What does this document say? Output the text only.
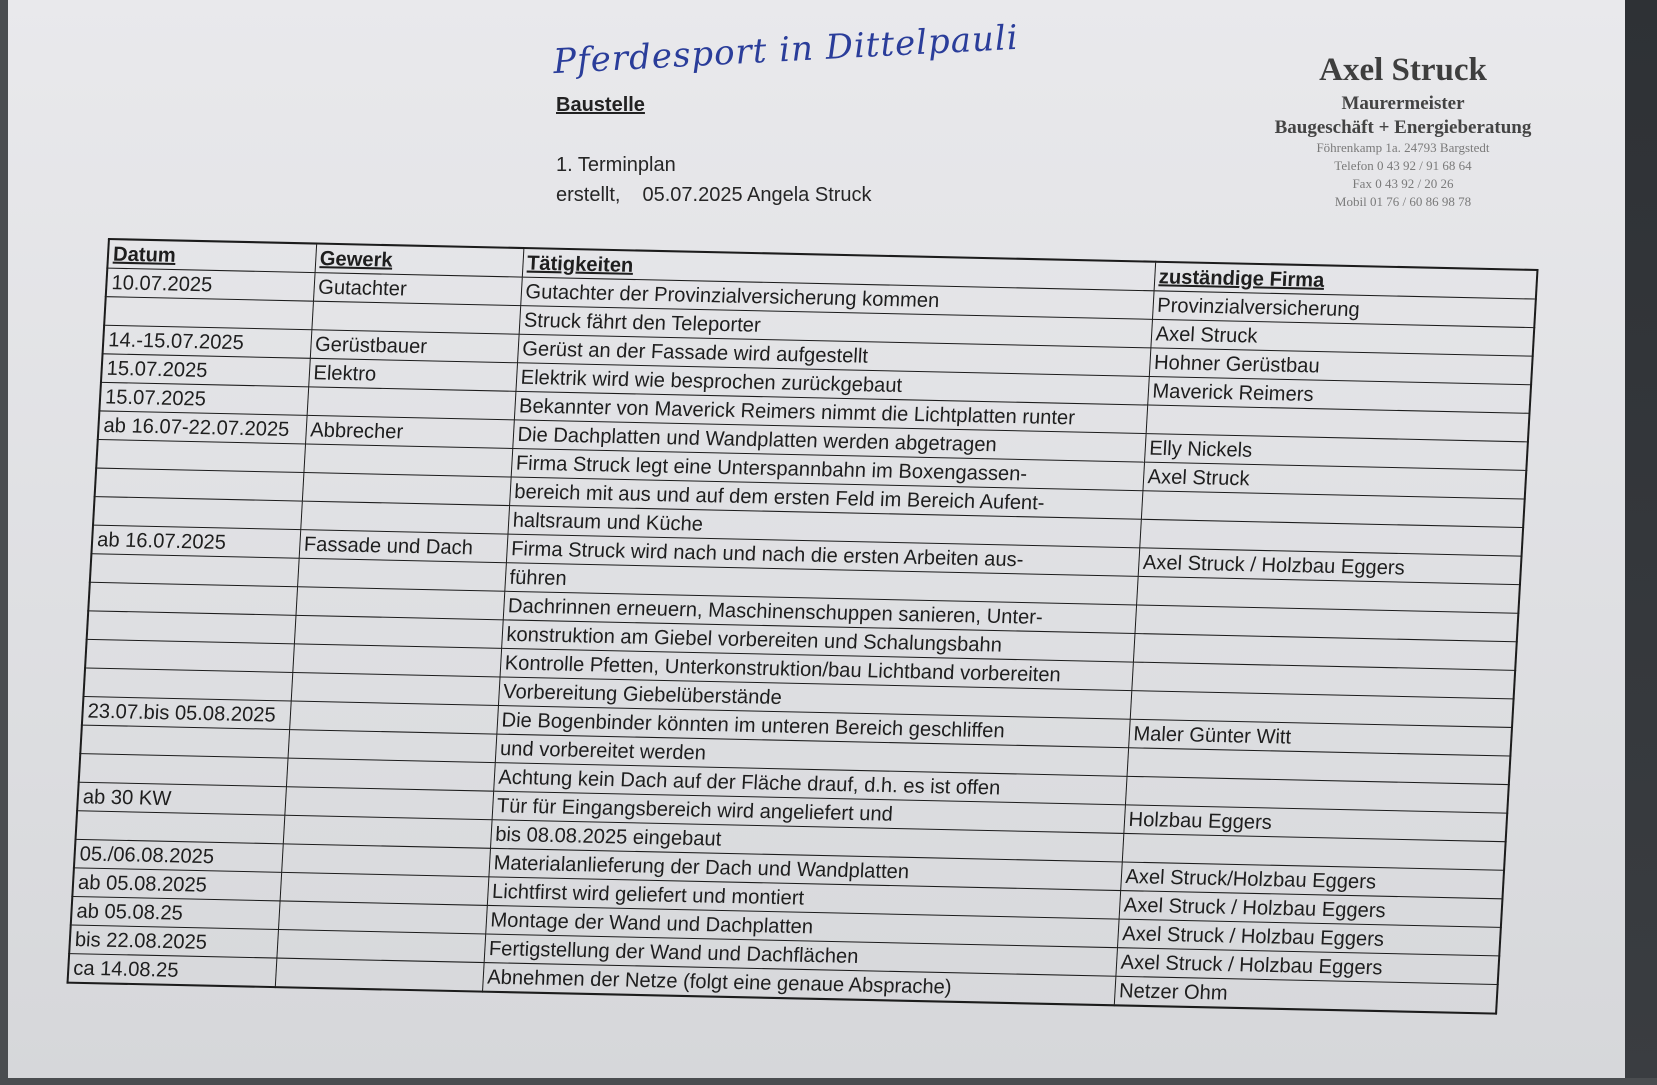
Pferdesport in Dittelpauli
Baustelle
1. Terminplan
erstellt, 05.07.2025 Angela Struck
Axel Struck
Maurermeister
Baugeschäft + Energieberatung
Föhrenkamp 1a. 24793 Bargstedt
Telefon 0 43 92 / 91 68 64
Fax 0 43 92 / 20 26
Mobil 01 76 / 60 86 98 78
Datum	Gewerk	Tätigkeiten	zuständige Firma
10.07.2025	Gutachter	Gutachter der Provinzialversicherung kommen	Provinzialversicherung
		Struck fährt den Teleporter	Axel Struck
14.-15.07.2025	Gerüstbauer	Gerüst an der Fassade wird aufgestellt	Hohner Gerüstbau
15.07.2025	Elektro	Elektrik wird wie besprochen zurückgebaut	Maverick Reimers
15.07.2025		Bekannter von Maverick Reimers nimmt die Lichtplatten runter	
ab 16.07-22.07.2025	Abbrecher	Die Dachplatten und Wandplatten werden abgetragen	Elly Nickels
		Firma Struck legt eine Unterspannbahn im Boxengassen-	Axel Struck
		bereich mit aus und auf dem ersten Feld im Bereich Aufent-	
		haltsraum und Küche	
ab 16.07.2025	Fassade und Dach	Firma Struck wird nach und nach die ersten Arbeiten aus-	Axel Struck / Holzbau Eggers
		führen	
		Dachrinnen erneuern, Maschinenschuppen sanieren, Unter-	
		konstruktion am Giebel vorbereiten und Schalungsbahn	
		Kontrolle Pfetten, Unterkonstruktion/bau Lichtband vorbereiten	
		Vorbereitung Giebelüberstände	
23.07.bis 05.08.2025		Die Bogenbinder könnten im unteren Bereich geschliffen	Maler Günter Witt
		und vorbereitet werden	
		Achtung kein Dach auf der Fläche drauf, d.h. es ist offen	
ab 30 KW		Tür für Eingangsbereich wird angeliefert und	Holzbau Eggers
		bis 08.08.2025 eingebaut	
05./06.08.2025		Materialanlieferung der Dach und Wandplatten	Axel Struck/Holzbau Eggers
ab 05.08.2025		Lichtfirst wird geliefert und montiert	Axel Struck / Holzbau Eggers
ab 05.08.25		Montage der Wand und Dachplatten	Axel Struck / Holzbau Eggers
bis 22.08.2025		Fertigstellung der Wand und Dachflächen	Axel Struck / Holzbau Eggers
ca 14.08.25		Abnehmen der Netze (folgt eine genaue Absprache)	Netzer Ohm
